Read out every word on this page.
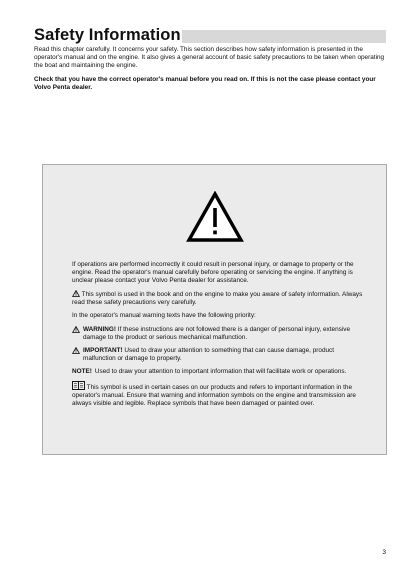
Safety Information

Read this chapter carefully. It concerns your safety. This section describes how safety information is presented in the operator's manual and on the engine. It also gives a general account of basic safety precautions to be taken when operating the boat and maintaining the engine.

Check that you have the correct operator's manual before you read on. If this is not the case please contact your Volvo Penta dealer.

If operations are performed incorrectly it could result in personal injury, or damage to property or the engine. Read the operator's manual carefully before operating or servicing the engine. If anything is unclear please contact your Volvo Penta dealer for assistance.

This symbol is used in the book and on the engine to make you aware of safety information. Always read these safety precautions very carefully.

In the operator's manual warning texts have the following priority:

WARNING! If these instructions are not followed there is a danger of personal injury, extensive damage to the product or serious mechanical malfunction.
IMPORTANT! Used to draw your attention to something that can cause damage, product malfunction or damage to property.
NOTE! Used to draw your attention to important information that will facilitate work or operations.

This symbol is used in certain cases on our products and refers to important information in the operator's manual. Ensure that warning and information symbols on the engine and transmission are always visible and legible. Replace symbols that have been damaged or painted over.

3
